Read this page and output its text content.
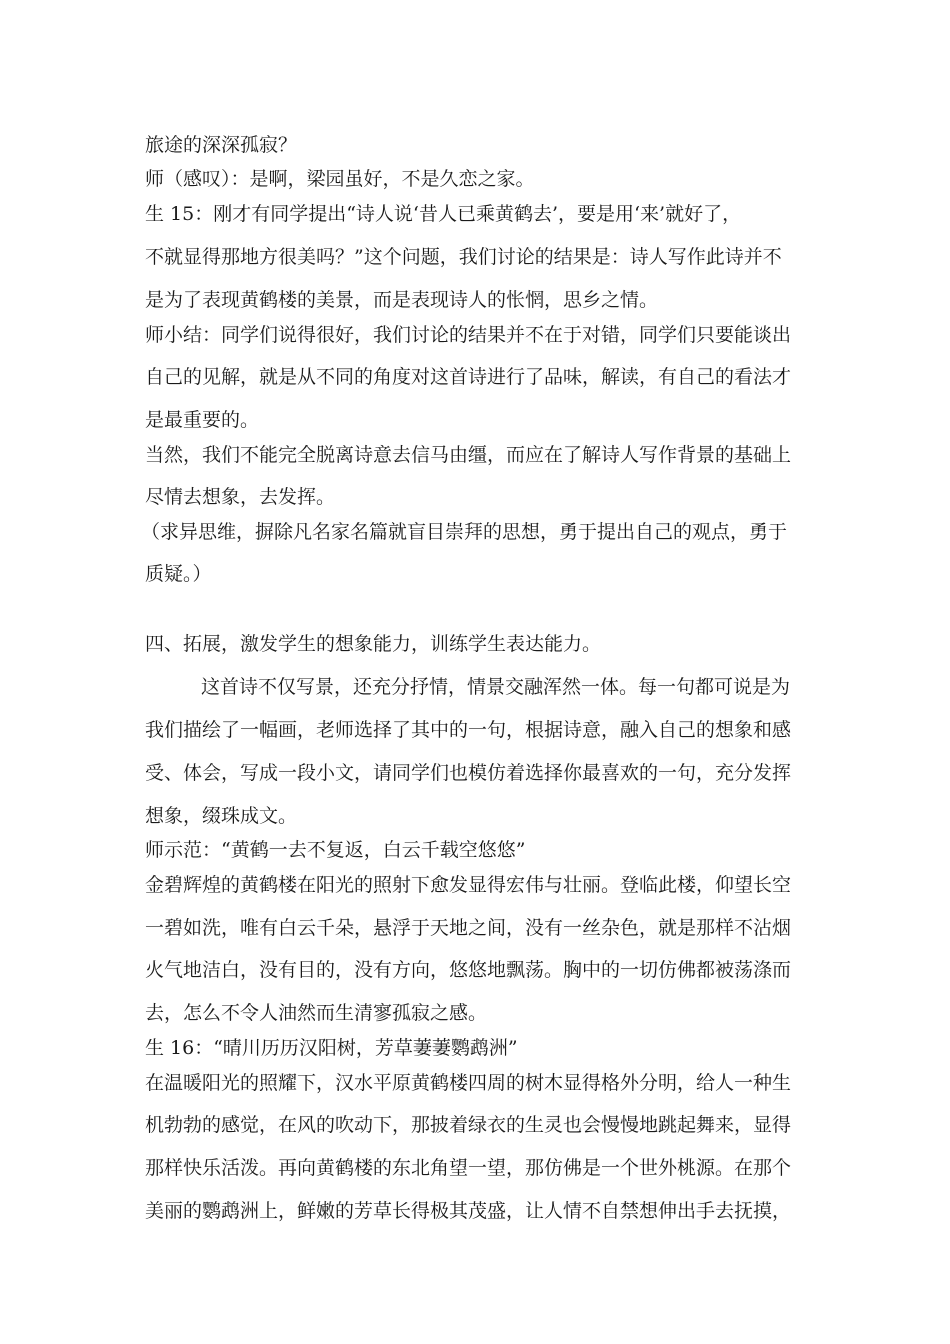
旅途的深深孤寂？
师（感叹）：是啊，梁园虽好，不是久恋之家。
生 15：刚才有同学提出“诗人说‘昔人已乘黄鹤去’，要是用‘来’就好了，
不就显得那地方很美吗？”这个问题，我们讨论的结果是：诗人写作此诗并不
是为了表现黄鹤楼的美景，而是表现诗人的怅惘，思乡之情。
师小结：同学们说得很好，我们讨论的结果并不在于对错，同学们只要能谈出
自己的见解，就是从不同的角度对这首诗进行了品味，解读，有自己的看法才
是最重要的。
当然，我们不能完全脱离诗意去信马由缰，而应在了解诗人写作背景的基础上
尽情去想象，去发挥。
（求异思维，摒除凡名家名篇就盲目崇拜的思想，勇于提出自己的观点，勇于
质疑。）
四、拓展，激发学生的想象能力，训练学生表达能力。
这首诗不仅写景，还充分抒情，情景交融浑然一体。每一句都可说是为
我们描绘了一幅画，老师选择了其中的一句，根据诗意，融入自己的想象和感
受、体会，写成一段小文，请同学们也模仿着选择你最喜欢的一句，充分发挥
想象，缀珠成文。
师示范：“黄鹤一去不复返，白云千载空悠悠”
金碧辉煌的黄鹤楼在阳光的照射下愈发显得宏伟与壮丽。登临此楼，仰望长空
一碧如洗，唯有白云千朵，悬浮于天地之间，没有一丝杂色，就是那样不沾烟
火气地洁白，没有目的，没有方向，悠悠地飘荡。胸中的一切仿佛都被荡涤而
去，怎么不令人油然而生清寥孤寂之感。
生 16：“晴川历历汉阳树，芳草萋萋鹦鹉洲”
在温暖阳光的照耀下，汉水平原黄鹤楼四周的树木显得格外分明，给人一种生
机勃勃的感觉，在风的吹动下，那披着绿衣的生灵也会慢慢地跳起舞来，显得
那样快乐活泼。再向黄鹤楼的东北角望一望，那仿佛是一个世外桃源。在那个
美丽的鹦鹉洲上，鲜嫩的芳草长得极其茂盛，让人情不自禁想伸出手去抚摸，
